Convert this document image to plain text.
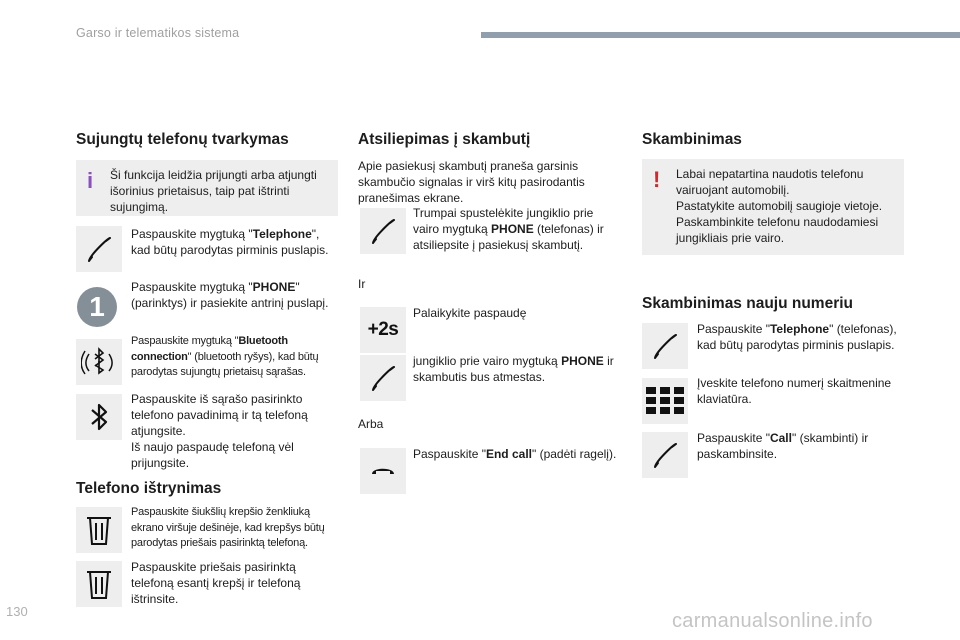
Garso ir telematikos sistema
Sujungtų telefonų tvarkymas
i Ši funkcija leidžia prijungti arba atjungti išorinius prietaisus, taip pat ištrinti sujungimą.
Paspauskite mygtuką "Telephone", kad būtų parodytas pirminis puslapis.
1
Paspauskite mygtuką "PHONE" (parinktys) ir pasiekite antrinį puslapį.
Paspauskite mygtuką "Bluetooth connection" (bluetooth ryšys), kad būtų parodytas sujungtų prietaisų sąrašas.
Paspauskite iš sąrašo pasirinkto telefono pavadinimą ir tą telefoną atjungsite.
Iš naujo paspaudę telefoną vėl prijungsite.
Telefono ištrynimas
Paspauskite šiukšlių krepšio ženkliuką ekrano viršuje dešinėje, kad krepšys būtų parodytas priešais pasirinktą telefoną.
Paspauskite priešais pasirinktą telefoną esantį krepšį ir telefoną ištrinsite.
Atsiliepimas į skambutį
Apie pasiekusį skambutį praneša garsinis skambučio signalas ir virš kitų pasirodantis pranešimas ekrane.
Trumpai spustelėkite jungiklio prie vairo mygtuką PHONE (telefonas) ir atsiliepsite į pasiekusį skambutį.
Ir
+2s
Palaikykite paspaudę
jungiklio prie vairo mygtuką PHONE ir skambutis bus atmestas.
Arba
Paspauskite "End call" (padėti ragelį).
Skambinimas
! Labai nepatartina naudotis telefonu vairuojant automobilį.
Pastatykite automobilį saugioje vietoje.
Paskambinkite telefonu naudodamiesi jungikliais prie vairo.
Skambinimas nauju numeriu
Paspauskite "Telephone" (telefonas), kad būtų parodytas pirminis puslapis.
Įveskite telefono numerį skaitmenine klaviatūra.
Paspauskite "Call" (skambinti) ir paskambinsite.
130	carmanualsonline.info
